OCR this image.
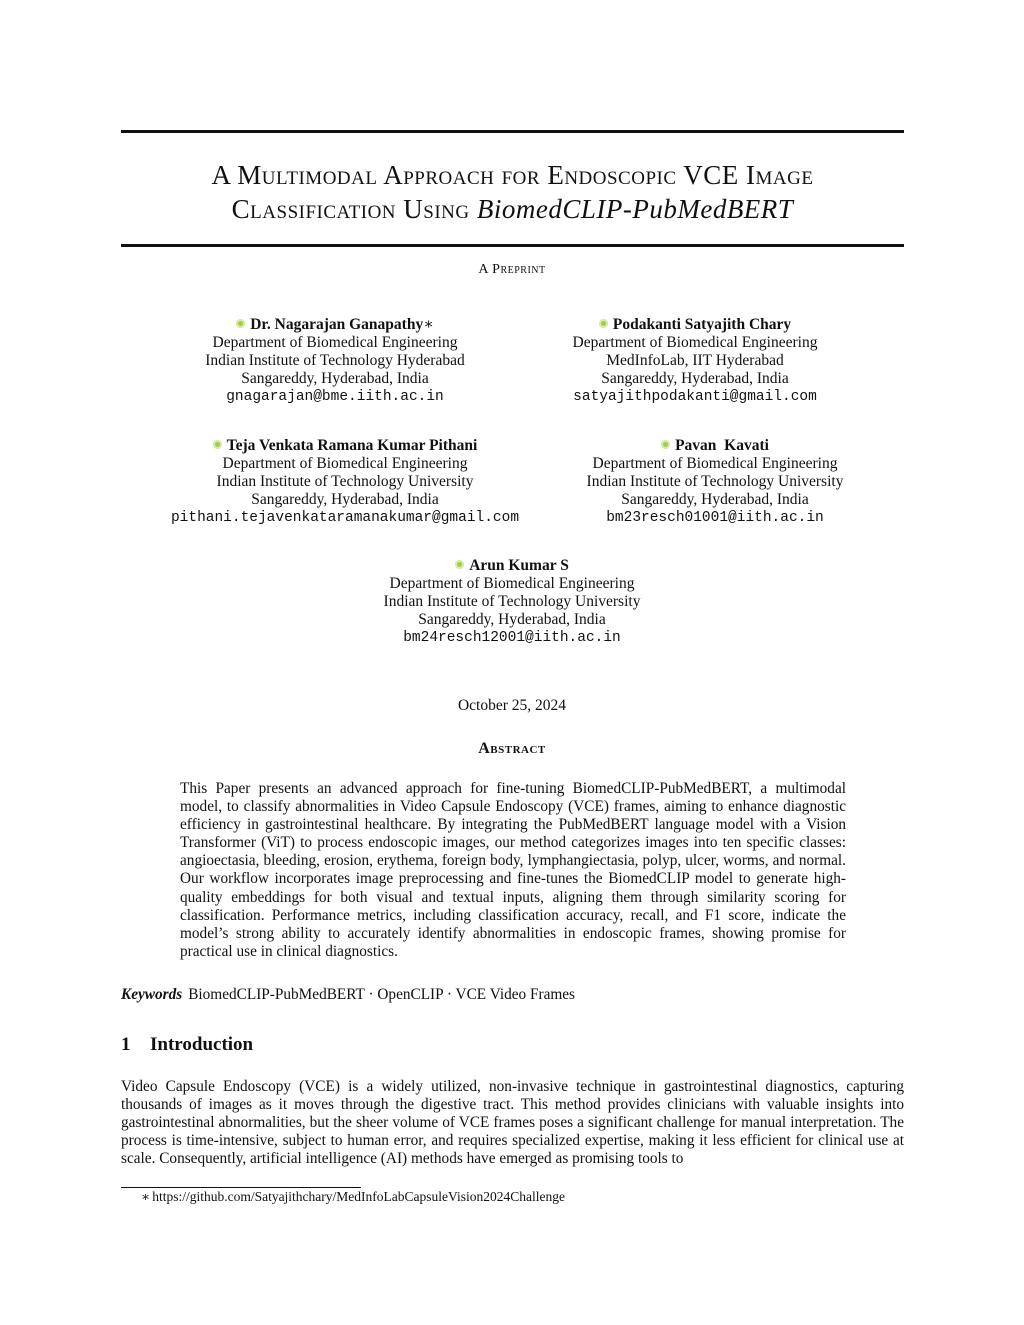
A Multimodal Approach for Endoscopic VCE Image
Classification Using BiomedCLIP-PubMedBERT
A Preprint
Dr. Nagarajan Ganapathy∗
Department of Biomedical Engineering
Indian Institute of Technology Hyderabad
Sangareddy, Hyderabad, India
gnagarajan@bme.iith.ac.in
Podakanti Satyajith Chary
Department of Biomedical Engineering
MedInfoLab, IIT Hyderabad
Sangareddy, Hyderabad, India
satyajithpodakanti@gmail.com
Teja Venkata Ramana Kumar Pithani
Department of Biomedical Engineering
Indian Institute of Technology University
Sangareddy, Hyderabad, India
pithani.tejavenkataramanakumar@gmail.com
Pavan  Kavati
Department of Biomedical Engineering
Indian Institute of Technology University
Sangareddy, Hyderabad, India
bm23resch01001@iith.ac.in
Arun Kumar S
Department of Biomedical Engineering
Indian Institute of Technology University
Sangareddy, Hyderabad, India
bm24resch12001@iith.ac.in
October 25, 2024
Abstract
This Paper presents an advanced approach for fine-tuning BiomedCLIP-PubMedBERT, a multimodal model, to classify abnormalities in Video Capsule Endoscopy (VCE) frames, aiming to enhance diagnostic efficiency in gastrointestinal healthcare. By integrating the PubMedBERT language model with a Vision Transformer (ViT) to process endoscopic images, our method categorizes images into ten specific classes: angioectasia, bleeding, erosion, erythema, foreign body, lymphangiectasia, polyp, ulcer, worms, and normal. Our workflow incorporates image preprocessing and fine-tunes the BiomedCLIP model to generate high-quality embeddings for both visual and textual inputs, aligning them through similarity scoring for classification. Performance metrics, including classification accuracy, recall, and F1 score, indicate the model’s strong ability to accurately identify abnormalities in endoscopic frames, showing promise for practical use in clinical diagnostics.
Keywords BiomedCLIP-PubMedBERT · OpenCLIP · VCE Video Frames
1 Introduction
Video Capsule Endoscopy (VCE) is a widely utilized, non-invasive technique in gastrointestinal diagnostics, capturing thousands of images as it moves through the digestive tract. This method provides clinicians with valuable insights into gastrointestinal abnormalities, but the sheer volume of VCE frames poses a significant challenge for manual interpretation. The process is time-intensive, subject to human error, and requires specialized expertise, making it less efficient for clinical use at scale. Consequently, artificial intelligence (AI) methods have emerged as promising tools to
∗ https://github.com/Satyajithchary/MedInfoLabCapsuleVision2024Challenge
